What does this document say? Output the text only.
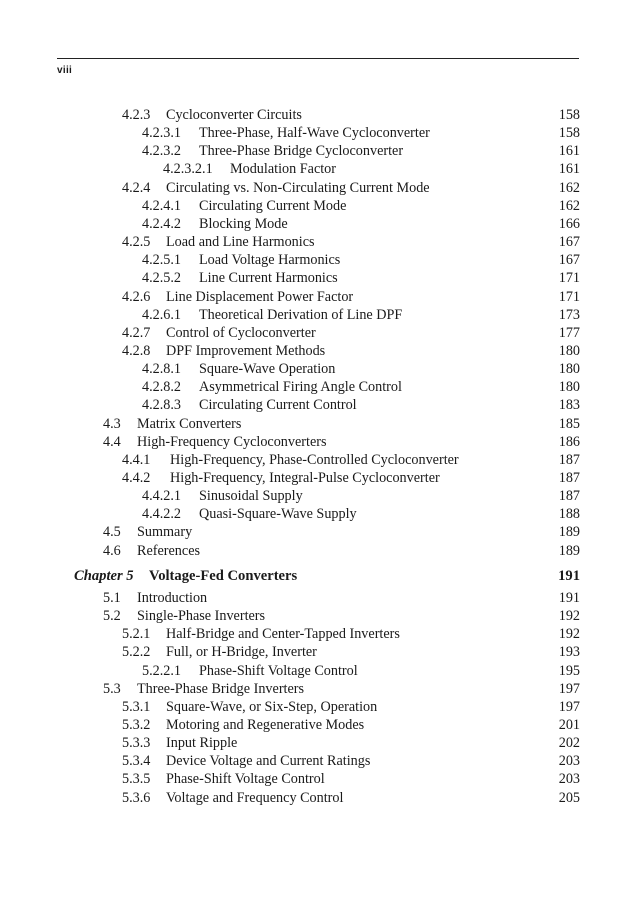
viii
4.2.3 Cycloconverter Circuits	158
4.2.3.1 Three-Phase, Half-Wave Cycloconverter	158
4.2.3.2 Three-Phase Bridge Cycloconverter	161
4.2.3.2.1 Modulation Factor	161
4.2.4 Circulating vs. Non-Circulating Current Mode	162
4.2.4.1 Circulating Current Mode	162
4.2.4.2 Blocking Mode	166
4.2.5 Load and Line Harmonics	167
4.2.5.1 Load Voltage Harmonics	167
4.2.5.2 Line Current Harmonics	171
4.2.6 Line Displacement Power Factor	171
4.2.6.1 Theoretical Derivation of Line DPF	173
4.2.7 Control of Cycloconverter	177
4.2.8 DPF Improvement Methods	180
4.2.8.1 Square-Wave Operation	180
4.2.8.2 Asymmetrical Firing Angle Control	180
4.2.8.3 Circulating Current Control	183
4.3 Matrix Converters	185
4.4 High-Frequency Cycloconverters	186
4.4.1 High-Frequency, Phase-Controlled Cycloconverter	187
4.4.2 High-Frequency, Integral-Pulse Cycloconverter	187
4.4.2.1 Sinusoidal Supply	187
4.4.2.2 Quasi-Square-Wave Supply	188
4.5 Summary	189
4.6 References	189
Chapter 5 Voltage-Fed Converters	191
5.1 Introduction	191
5.2 Single-Phase Inverters	192
5.2.1 Half-Bridge and Center-Tapped Inverters	192
5.2.2 Full, or H-Bridge, Inverter	193
5.2.2.1 Phase-Shift Voltage Control	195
5.3 Three-Phase Bridge Inverters	197
5.3.1 Square-Wave, or Six-Step, Operation	197
5.3.2 Motoring and Regenerative Modes	201
5.3.3 Input Ripple	202
5.3.4 Device Voltage and Current Ratings	203
5.3.5 Phase-Shift Voltage Control	203
5.3.6 Voltage and Frequency Control	205
